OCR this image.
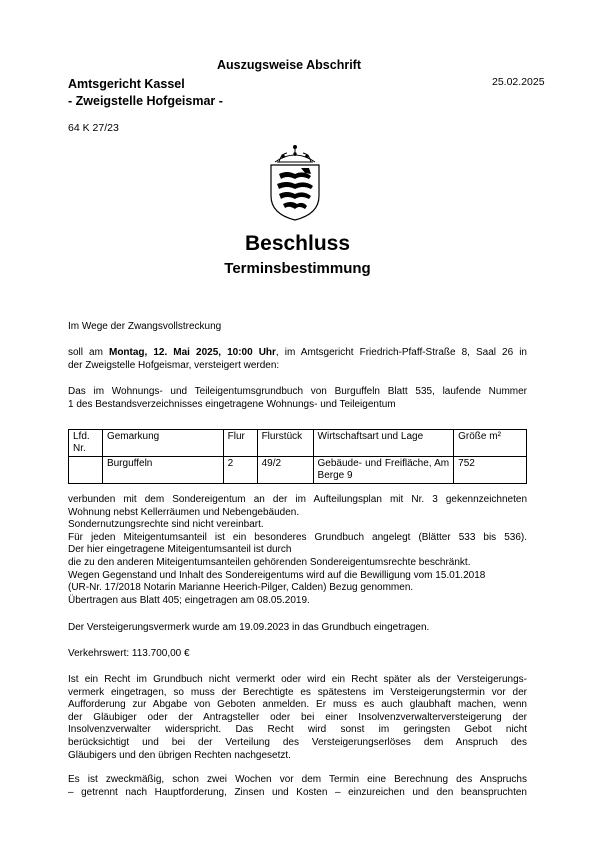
Auszugsweise Abschrift
Amtsgericht Kassel
- Zweigstelle Hofgeismar -
25.02.2025
64 K 27/23
Beschluss
Terminsbestimmung
Im Wege der Zwangsvollstreckung
soll am Montag, 12. Mai 2025, 10:00 Uhr, im Amtsgericht Friedrich-Pfaff-Straße 8, Saal 26 in
der Zweigstelle Hofgeismar, versteigert werden:
Das im Wohnungs- und Teileigentumsgrundbuch von Burguffeln Blatt 535, laufende Nummer
1 des Bestandsverzeichnisses eingetragene Wohnungs- und Teileigentum
Lfd. Nr.	Gemarkung	Flur	Flurstück	Wirtschaftsart und Lage	Größe m²
	Burguffeln	2	49/2	Gebäude- und Freifläche, Am Berge 9	752
verbunden mit dem Sondereigentum an der im Aufteilungsplan mit Nr. 3 gekennzeichneten
Wohnung nebst Kellerräumen und Nebengebäuden.
Sondernutzungsrechte sind nicht vereinbart.
Für jeden Miteigentumsanteil ist ein besonderes Grundbuch angelegt (Blätter 533 bis 536).
Der hier eingetragene Miteigentumsanteil ist durch
die zu den anderen Miteigentumsanteilen gehörenden Sondereigentumsrechte beschränkt.
Wegen Gegenstand und Inhalt des Sondereigentums wird auf die Bewilligung vom 15.01.2018
(UR-Nr. 17/2018 Notarin Marianne Heerich-Pilger, Calden) Bezug genommen.
Übertragen aus Blatt 405; eingetragen am 08.05.2019.
Der Versteigerungsvermerk wurde am 19.09.2023 in das Grundbuch eingetragen.
Verkehrswert: 113.700,00 €
Ist ein Recht im Grundbuch nicht vermerkt oder wird ein Recht später als der Versteigerungs-
vermerk eingetragen, so muss der Berechtigte es spätestens im Versteigerungstermin vor der
Aufforderung zur Abgabe von Geboten anmelden. Er muss es auch glaubhaft machen, wenn
der Gläubiger oder der Antragsteller oder bei einer Insolvenzverwalterversteigerung der
Insolvenzverwalter widerspricht. Das Recht wird sonst im geringsten Gebot nicht
berücksichtigt und bei der Verteilung des Versteigerungserlöses dem Anspruch des
Gläubigers und den übrigen Rechten nachgesetzt.
Es ist zweckmäßig, schon zwei Wochen vor dem Termin eine Berechnung des Anspruchs
– getrennt nach Hauptforderung, Zinsen und Kosten – einzureichen und den beanspruchten
